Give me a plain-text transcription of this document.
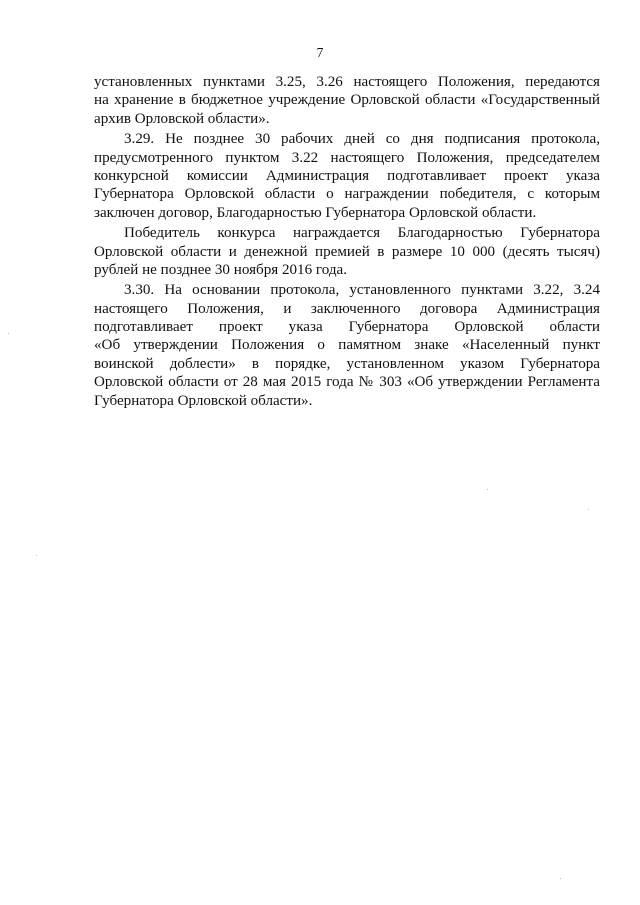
7
установленных пунктами 3.25, 3.26 настоящего Положения, передаются
на хранение в бюджетное учреждение Орловской области «Государственный
архив Орловской области».
3.29. Не позднее 30 рабочих дней со дня подписания протокола,
предусмотренного пунктом 3.22 настоящего Положения, председателем
конкурсной комиссии Администрация подготавливает проект указа
Губернатора Орловской области о награждении победителя, с которым
заключен договор, Благодарностью Губернатора Орловской области.
Победитель конкурса награждается Благодарностью Губернатора
Орловской области и денежной премией в размере 10 000 (десять тысяч)
рублей не позднее 30 ноября 2016 года.
3.30. На основании протокола, установленного пунктами 3.22, 3.24
настоящего Положения, и заключенного договора Администрация
подготавливает проект указа Губернатора Орловской области
«Об утверждении Положения о памятном знаке «Населенный пункт
воинской доблести» в порядке, установленном указом Губернатора
Орловской области от 28 мая 2015 года № 303 «Об утверждении Регламента
Губернатора Орловской области».
